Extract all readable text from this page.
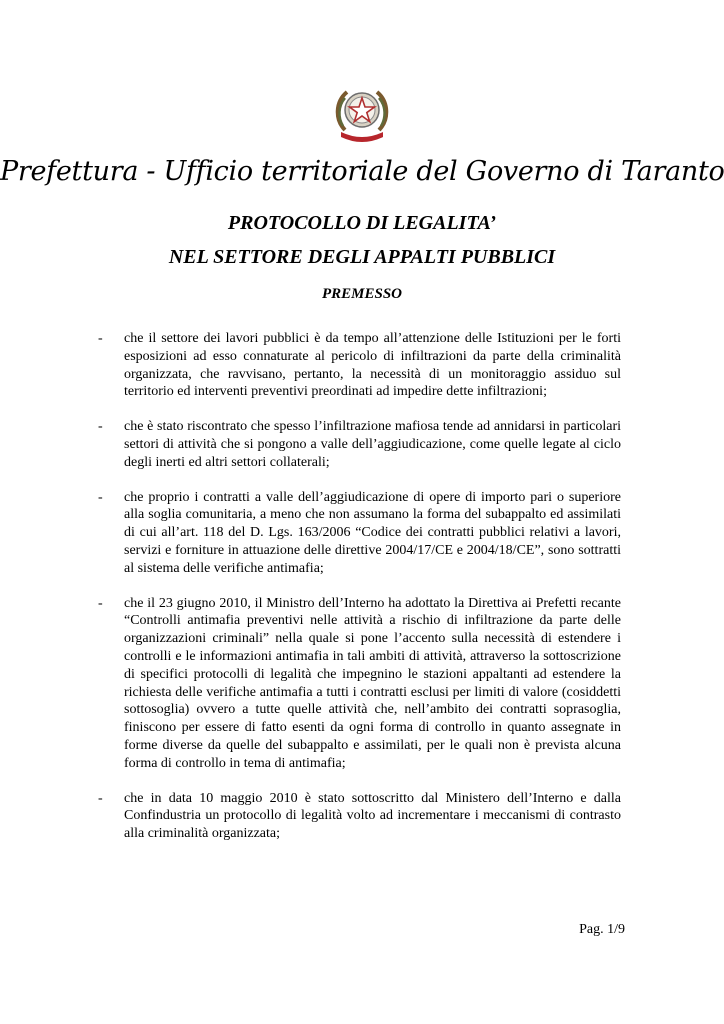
Prefettura - Ufficio territoriale del Governo di Taranto
PROTOCOLLO DI LEGALITA’
NEL SETTORE DEGLI APPALTI PUBBLICI
PREMESSO
- che il settore dei lavori pubblici è da tempo all’attenzione delle Istituzioni per le forti esposizioni ad esso connaturate al pericolo di infiltrazioni da parte della criminalità organizzata, che ravvisano, pertanto, la necessità di un monitoraggio assiduo sul territorio ed interventi preventivi preordinati ad impedire dette infiltrazioni;
- che è stato riscontrato che spesso l’infiltrazione mafiosa tende ad annidarsi in particolari settori di attività che si pongono a valle dell’aggiudicazione, come quelle legate al ciclo degli inerti ed altri settori collaterali;
- che proprio i contratti a valle dell’aggiudicazione di opere di importo pari o superiore alla soglia comunitaria, a meno che non assumano la forma del subappalto ed assimilati di cui all’art. 118 del D. Lgs. 163/2006 “Codice dei contratti pubblici relativi a lavori, servizi e forniture in attuazione delle direttive 2004/17/CE e 2004/18/CE”, sono sottratti al sistema delle verifiche antimafia;
- che il 23 giugno 2010, il Ministro dell’Interno ha adottato la Direttiva ai Prefetti recante “Controlli antimafia preventivi nelle attività a rischio di infiltrazione da parte delle organizzazioni criminali” nella quale si pone l’accento sulla necessità di estendere i controlli e le informazioni antimafia in tali ambiti di attività, attraverso la sottoscrizione di specifici protocolli di legalità che impegnino le stazioni appaltanti ad estendere la richiesta delle verifiche antimafia a tutti i contratti esclusi per limiti di valore (cosiddetti sottosoglia) ovvero a tutte quelle attività che, nell’ambito dei contratti soprasoglia, finiscono per essere di fatto esenti da ogni forma di controllo in quanto assegnate in forme diverse da quelle del subappalto e assimilati, per le quali non è prevista alcuna forma di controllo in tema di antimafia;
- che in data 10 maggio 2010 è stato sottoscritto dal Ministero dell’Interno e dalla Confindustria un protocollo di legalità volto ad incrementare i meccanismi di contrasto alla criminalità organizzata;
Pag. 1/9
